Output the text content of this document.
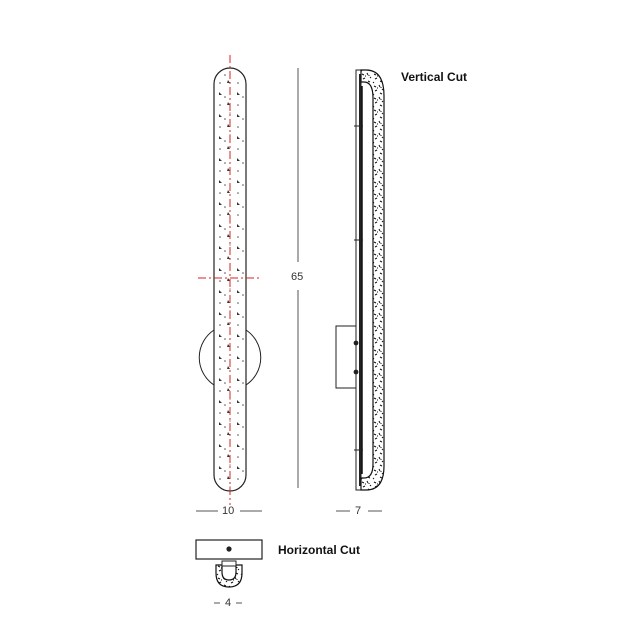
Vertical Cut
Horizontal Cut
65
10	7
4
